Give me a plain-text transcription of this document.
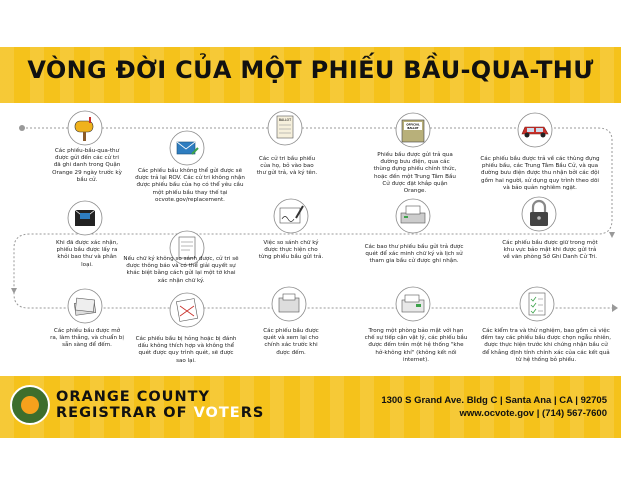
VÒNG ĐỜI CỦA MỘT PHIẾU BẦU-QUA-THƯ
BALLOT
OFFICIAL
BALLOT
Các phiếu-bầu-qua-thư được gửi đến các cử tri đã ghi danh trong Quận Orange 29 ngày trước kỳ bầu cử.
Các phiếu bầu không thể gửi được sẽ được trả lại ROV. Các cử tri không nhận được phiếu bầu của họ có thể yêu cầu một phiếu bầu thay thế tại ocvote.gov/replacement.
Các cử tri bầu phiếu của họ, bỏ vào bao thư gửi trả, và ký tên.
Phiếu bầu được gửi trả qua đường bưu điện, qua các thùng đựng phiếu chính thức, hoặc đến một Trung Tâm Bầu Cử được đặt khắp quận Orange.
Các phiếu bầu được trả về các thùng đựng phiếu bầu, các Trung Tâm Bầu Cử, và qua đường bưu điện được thu nhận bởi các đội gồm hai người, sử dụng quy trình theo dõi và bảo quản nghiêm ngặt.
Khi đã được xác nhận, phiếu bầu được lấy ra khỏi bao thư và phân loại.
Nếu chữ ký không so sánh được, cử tri sẽ được thông báo và có thể giải quyết sự khác biệt bằng cách gửi lại một tờ khai xác nhận chữ ký.
Việc so sánh chữ ký được thực hiện cho từng phiếu bầu gửi trả.
Các bao thư phiếu bầu gửi trả được quét để xác minh chữ ký và lịch sử tham gia bầu cử được ghi nhận.
Các phiếu bầu được giữ trong một khu vực bảo mật khi được gửi trả về văn phòng Sở Ghi Danh Cử Tri.
Các phiếu bầu được mở ra, làm thẳng, và chuẩn bị sẵn sàng để đếm.
Các phiếu bầu bị hỏng hoặc bị đánh dấu không thích hợp và không thể quét được quy trình quét, sẽ được sao lại.
Các phiếu bầu được quét và xem lại cho chính xác trước khi được đếm.
Trong một phòng bảo mật với hạn chế sự tiếp cận vật lý, các phiếu bầu được đếm trên một hệ thống "khe hở-không khí" (không kết nối internet).
Các kiểm tra và thử nghiệm, bao gồm cả việc đếm tay các phiếu bầu được chọn ngẫu nhiên, được thực hiện trước khi chứng nhận bầu cử để khẳng định tính chính xác của các kết quả từ hệ thống bỏ phiếu.
ORANGE COUNTY
REGISTRAR OF VOTERS
1300 S Grand Ave. Bldg C | Santa Ana | CA | 92705
www.ocvote.gov | (714) 567-7600
